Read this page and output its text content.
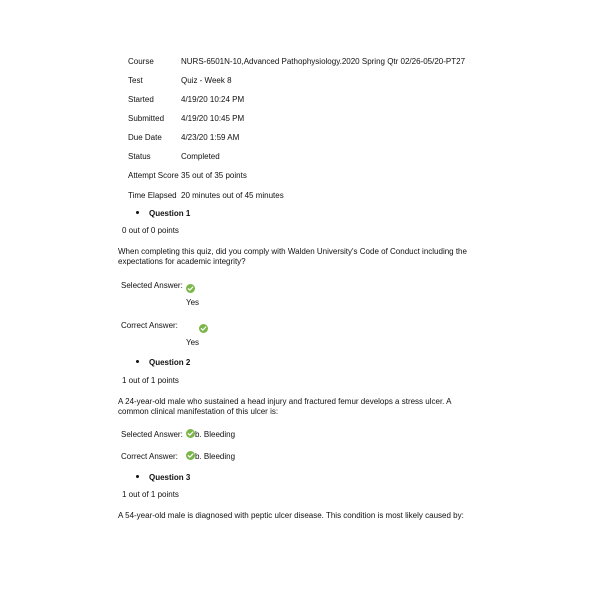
Course	NURS-6501N-10,Advanced Pathophysiology.2020 Spring Qtr 02/26-05/20-PT27
Test	Quiz - Week 8
Started	4/19/20 10:24 PM
Submitted 4/19/20 10:45 PM
Due Date 4/23/20 1:59 AM
Status	Completed
Attempt Score 35 out of 35 points
Time Elapsed 20 minutes out of 45 minutes
Question 1
0 out of 0 points
When completing this quiz, did you comply with Walden University's Code of Conduct including the expectations for academic integrity?
Selected Answer:

Yes
Correct Answer:
Yes
Question 2
1 out of 1 points
A 24-year-old male who sustained a head injury and fractured femur develops a stress ulcer. A common clinical manifestation of this ulcer is:
Selected Answer:	b. Bleeding
Correct Answer:	b. Bleeding
Question 3
1 out of 1 points
A 54-year-old male is diagnosed with peptic ulcer disease. This condition is most likely caused by:
